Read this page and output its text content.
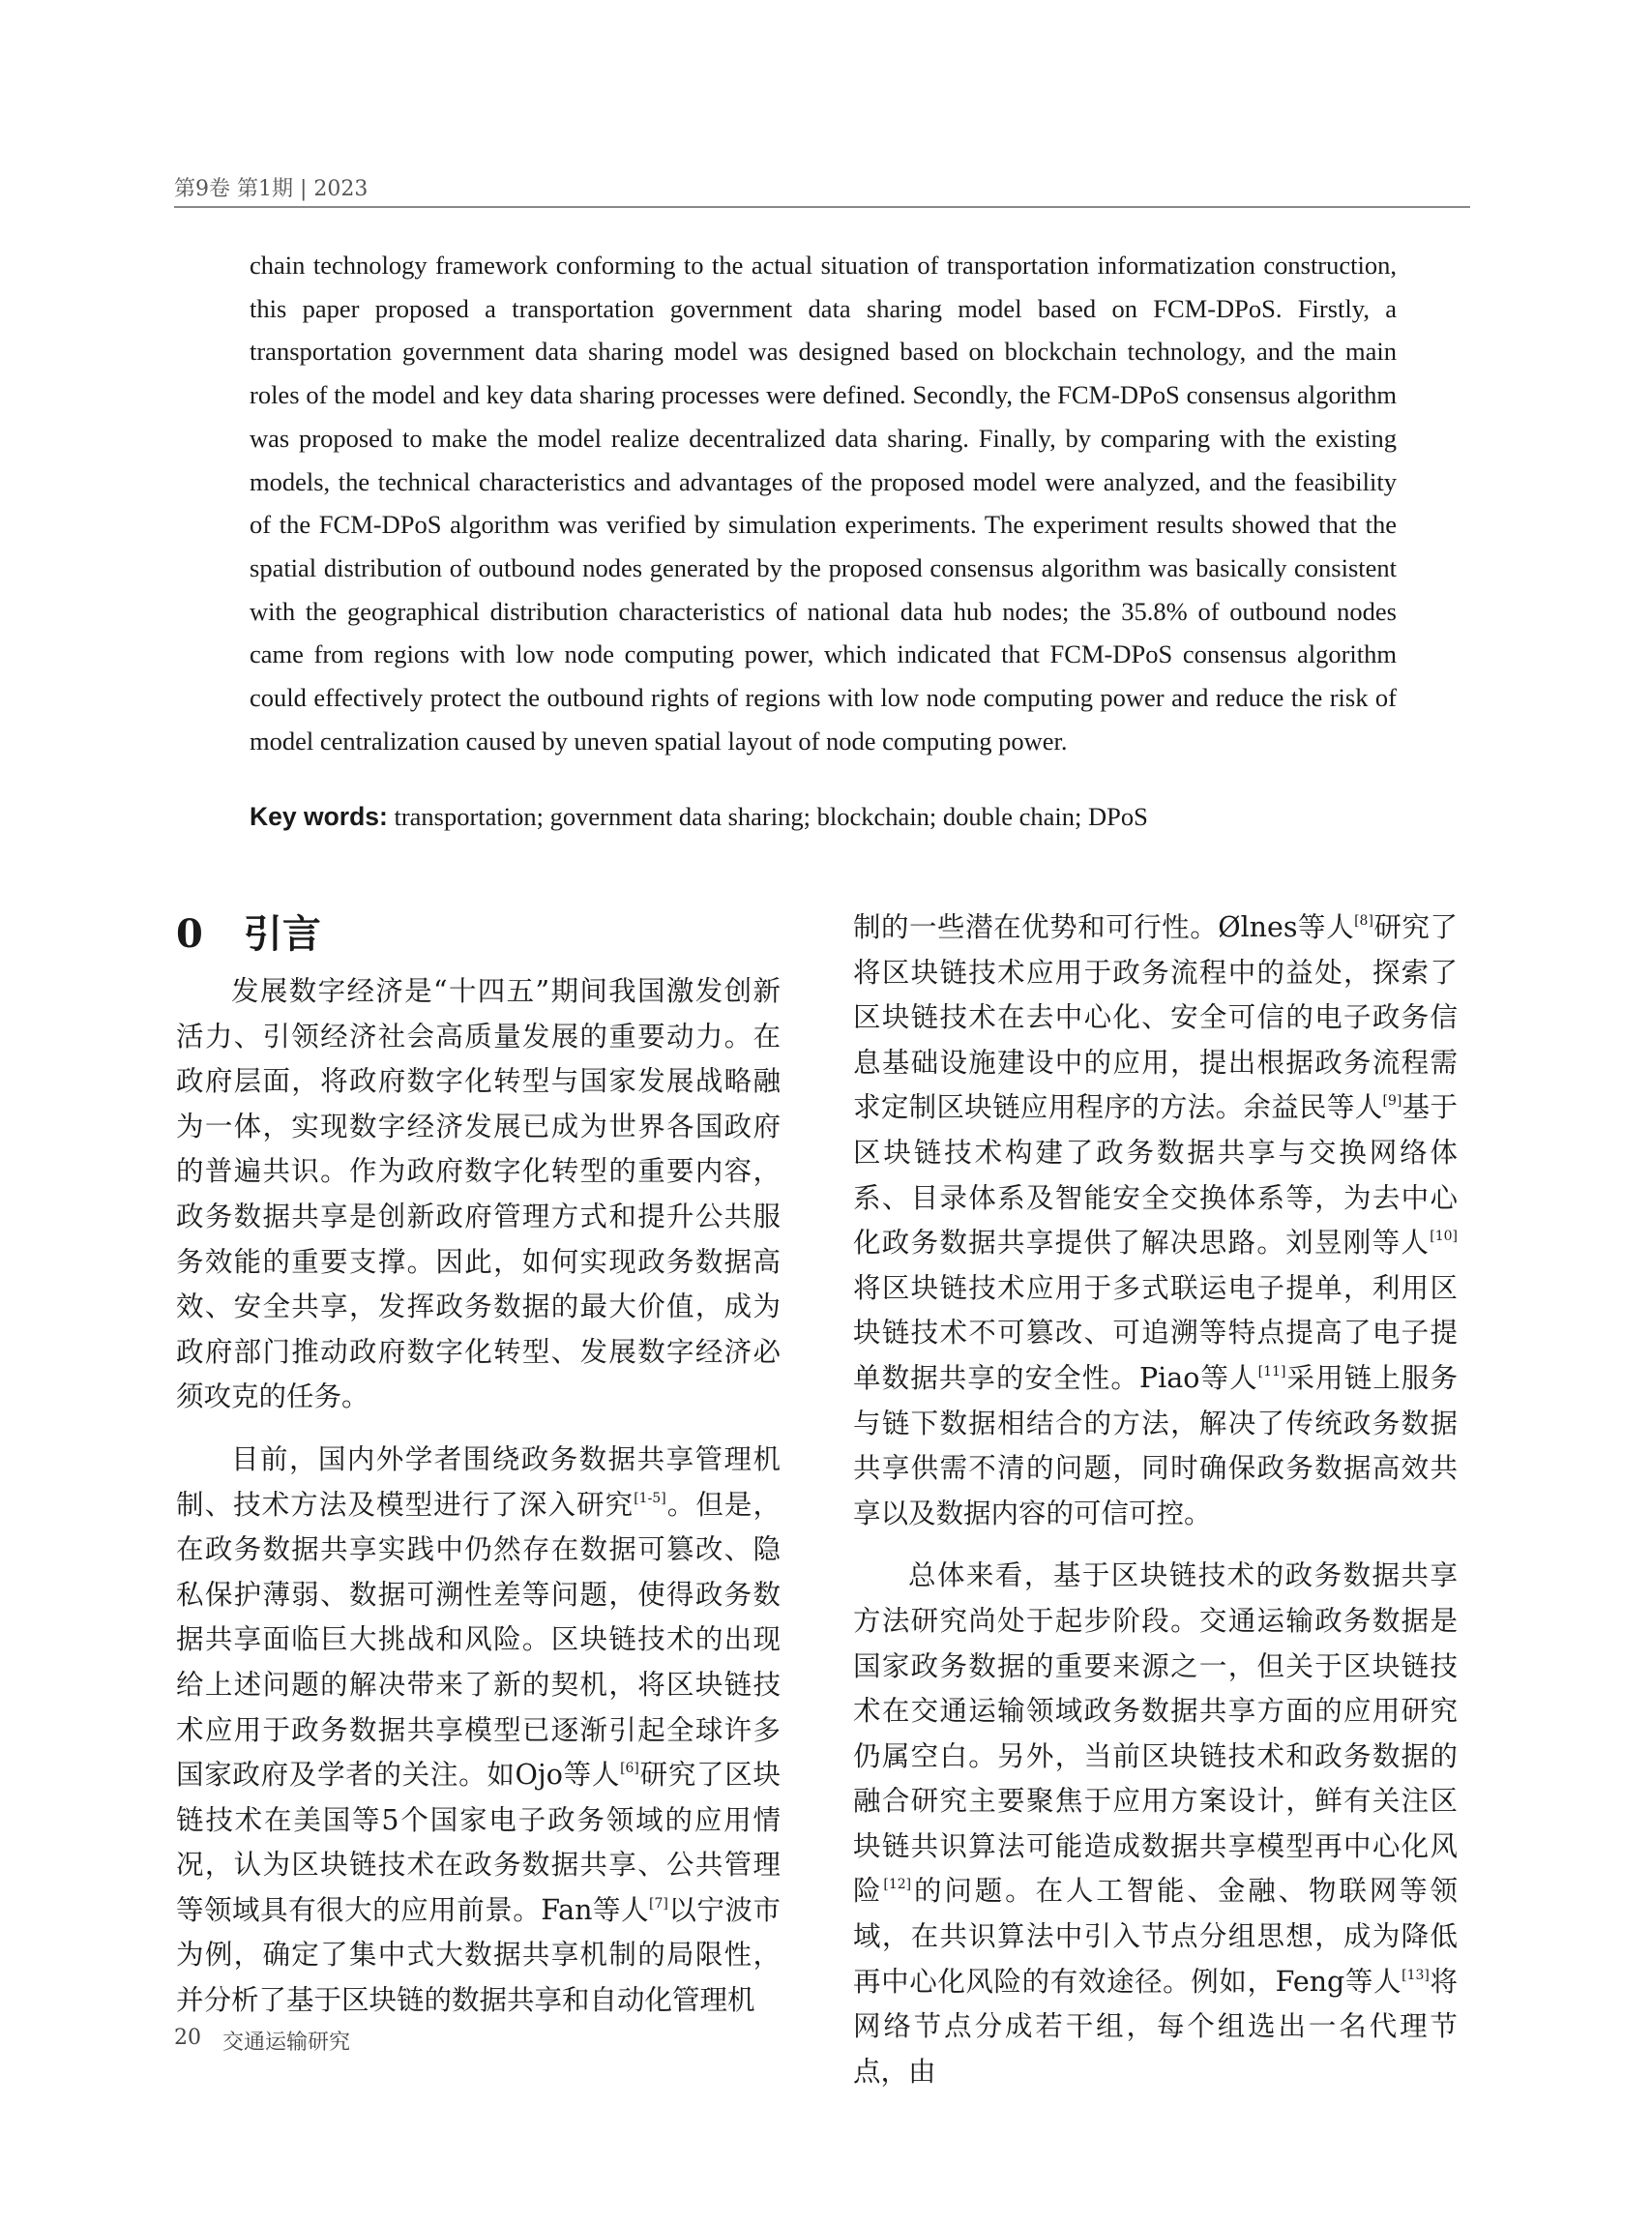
第9卷 第1期 | 2023

chain technology framework conforming to the actual situation of transportation informatization construction, this paper proposed a transportation government data sharing model based on FCM-DPoS. Firstly, a transportation government data sharing model was designed based on blockchain technology, and the main roles of the model and key data sharing processes were defined. Secondly, the FCM-DPoS consensus algorithm was proposed to make the model realize decentralized data sharing. Finally, by comparing with the existing models, the technical characteristics and advantages of the proposed model were analyzed, and the feasibility of the FCM-DPoS algorithm was verified by simulation experiments. The experiment results showed that the spatial distribution of outbound nodes generated by the proposed consensus algorithm was basically consistent with the geographical distribution characteristics of national data hub nodes; the 35.8% of outbound nodes came from regions with low node computing power, which indicated that FCM-DPoS consensus algorithm could effectively protect the outbound rights of regions with low node computing power and reduce the risk of model centralization caused by uneven spatial layout of node computing power.

Key words: transportation; government data sharing; blockchain; double chain; DPoS
0 引言

发展数字经济是“十四五”期间我国激发创新活力、引领经济社会高质量发展的重要动力。在政府层面，将政府数字化转型与国家发展战略融为一体，实现数字经济发展已成为世界各国政府的普遍共识。作为政府数字化转型的重要内容，政务数据共享是创新政府管理方式和提升公共服务效能的重要支撑。因此，如何实现政务数据高效、安全共享，发挥政务数据的最大价值，成为政府部门推动政府数字化转型、发展数字经济必须攻克的任务。

目前，国内外学者围绕政务数据共享管理机制、技术方法及模型进行了深入研究[1-5]。但是，在政务数据共享实践中仍然存在数据可篡改、隐私保护薄弱、数据可溯性差等问题，使得政务数据共享面临巨大挑战和风险。区块链技术的出现给上述问题的解决带来了新的契机，将区块链技术应用于政务数据共享模型已逐渐引起全球许多国家政府及学者的关注。如Ojo等人[6]研究了区块链技术在美国等5个国家电子政务领域的应用情况，认为区块链技术在政务数据共享、公共管理等领域具有很大的应用前景。Fan等人[7]以宁波市为例，确定了集中式大数据共享机制的局限性，并分析了基于区块链的数据共享和自动化管理机

制的一些潜在优势和可行性。Ølnes等人[8]研究了将区块链技术应用于政务流程中的益处，探索了区块链技术在去中心化、安全可信的电子政务信息基础设施建设中的应用，提出根据政务流程需求定制区块链应用程序的方法。余益民等人[9]基于区块链技术构建了政务数据共享与交换网络体系、目录体系及智能安全交换体系等，为去中心化政务数据共享提供了解决思路。刘昱刚等人[10]将区块链技术应用于多式联运电子提单，利用区块链技术不可篡改、可追溯等特点提高了电子提单数据共享的安全性。Piao等人[11]采用链上服务与链下数据相结合的方法，解决了传统政务数据共享供需不清的问题，同时确保政务数据高效共享以及数据内容的可信可控。

总体来看，基于区块链技术的政务数据共享方法研究尚处于起步阶段。交通运输政务数据是国家政务数据的重要来源之一，但关于区块链技术在交通运输领域政务数据共享方面的应用研究仍属空白。另外，当前区块链技术和政务数据的融合研究主要聚焦于应用方案设计，鲜有关注区块链共识算法可能造成数据共享模型再中心化风险[12]的问题。在人工智能、金融、物联网等领域，在共识算法中引入节点分组思想，成为降低再中心化风险的有效途径。例如，Feng等人[13]将网络节点分成若干组，每个组选出一名代理节点，由

20 交通运输研究
